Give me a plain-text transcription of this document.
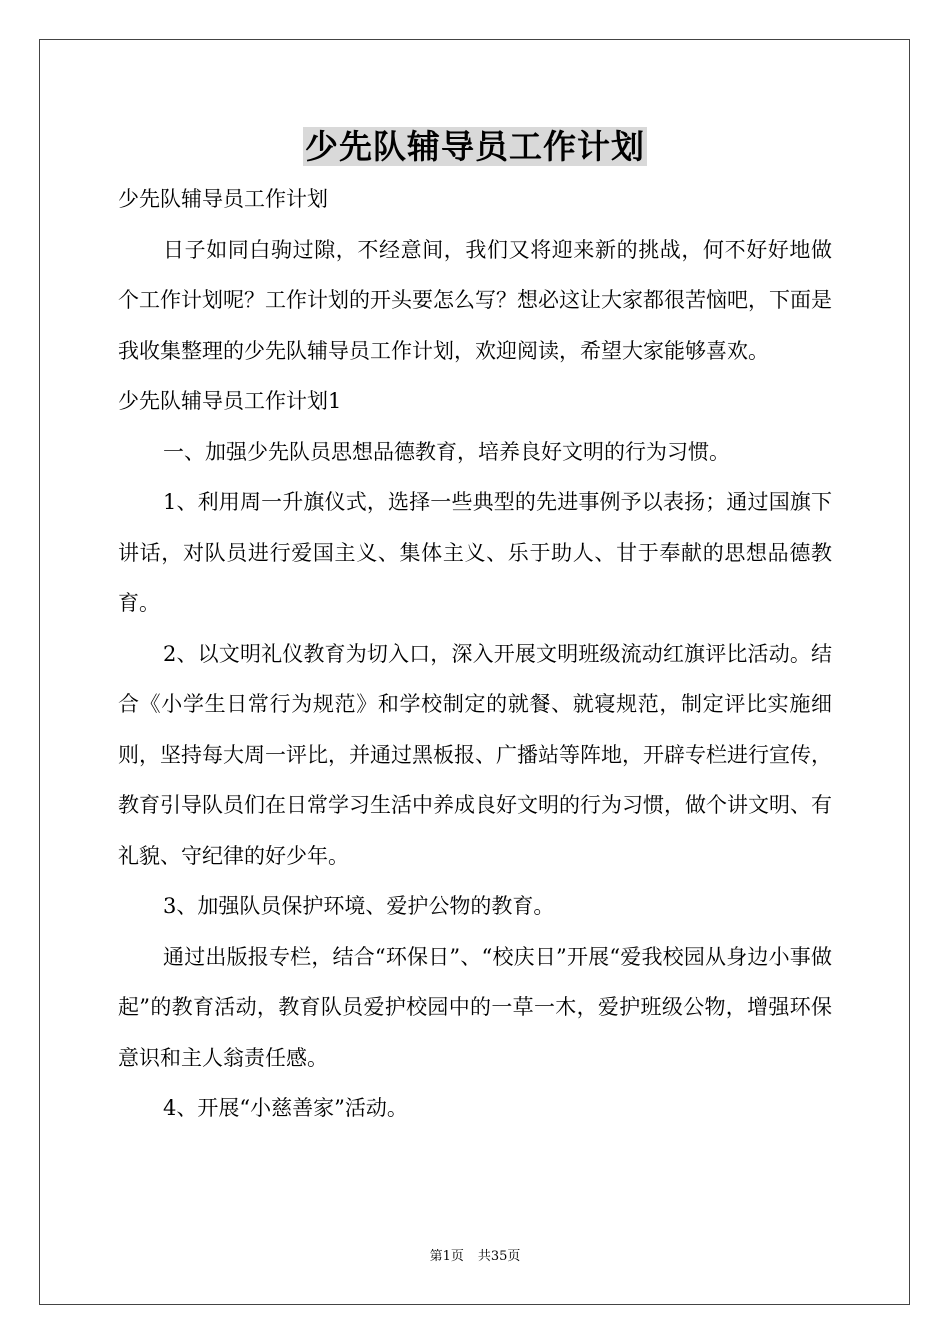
少先队辅导员工作计划

少先队辅导员工作计划

日子如同白驹过隙，不经意间，我们又将迎来新的挑战，何不好好地做个工作计划呢？工作计划的开头要怎么写？想必这让大家都很苦恼吧，下面是我收集整理的少先队辅导员工作计划，欢迎阅读，希望大家能够喜欢。

少先队辅导员工作计划1

一、加强少先队员思想品德教育，培养良好文明的行为习惯。

1、利用周一升旗仪式，选择一些典型的先进事例予以表扬；通过国旗下讲话，对队员进行爱国主义、集体主义、乐于助人、甘于奉献的思想品德教育。

2、以文明礼仪教育为切入口，深入开展文明班级流动红旗评比活动。结合《小学生日常行为规范》和学校制定的就餐、就寝规范，制定评比实施细则，坚持每大周一评比，并通过黑板报、广播站等阵地，开辟专栏进行宣传，教育引导队员们在日常学习生活中养成良好文明的行为习惯，做个讲文明、有礼貌、守纪律的好少年。

3、加强队员保护环境、爱护公物的教育。

通过出版报专栏，结合“环保日”、“校庆日”开展“爱我校园从身边小事做起”的教育活动，教育队员爱护校园中的一草一木，爱护班级公物，增强环保意识和主人翁责任感。

4、开展“小慈善家”活动。

第1页 共35页
